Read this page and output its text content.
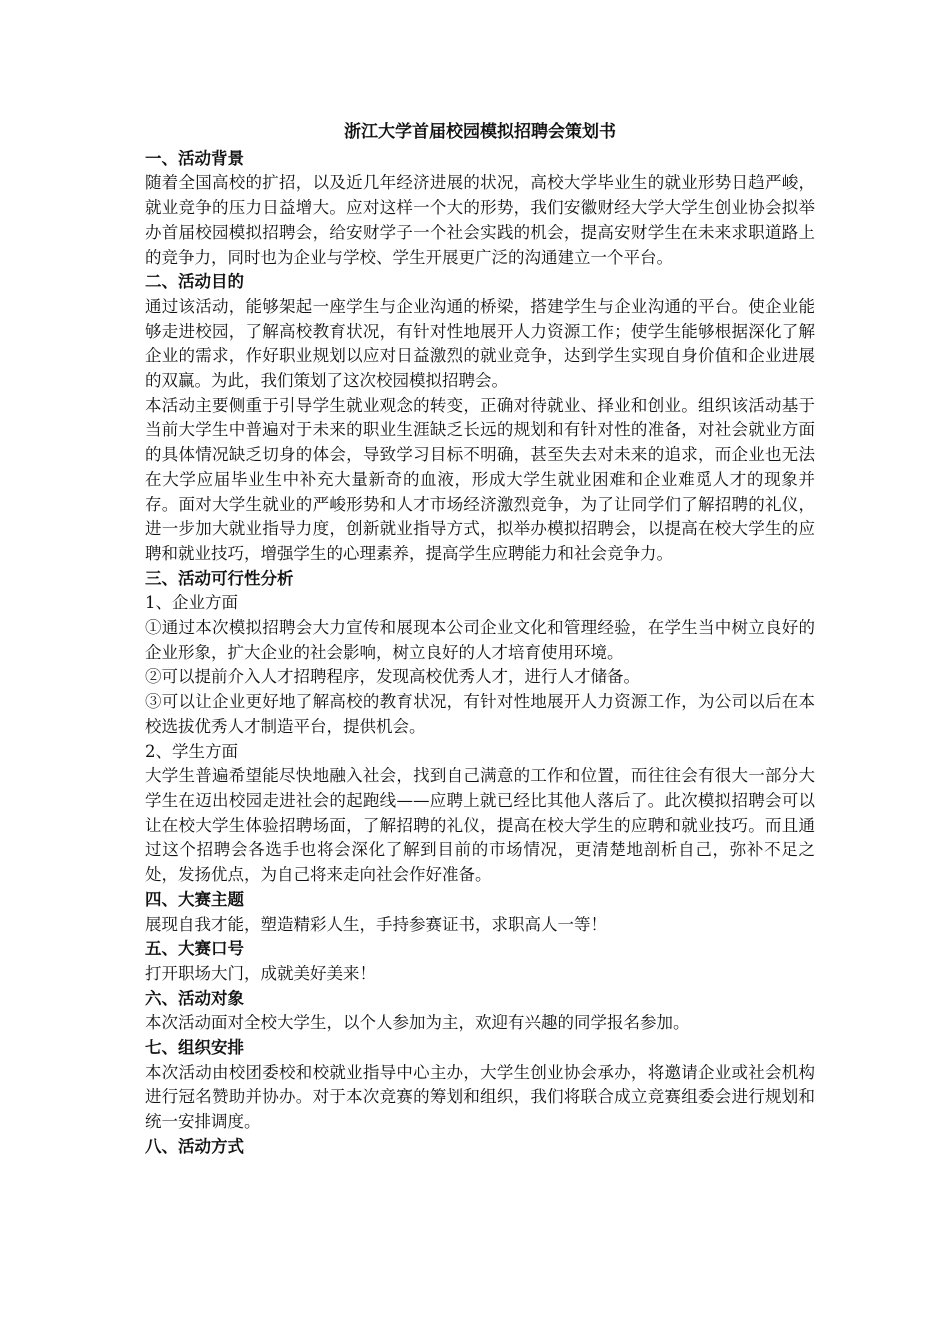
浙江大学首届校园模拟招聘会策划书
一、活动背景
随着全国高校的扩招，以及近几年经济进展的状况，高校大学毕业生的就业形势日趋严峻，就业竞争的压力日益增大。应对这样一个大的形势，我们安徽财经大学大学生创业协会拟举办首届校园模拟招聘会，给安财学子一个社会实践的机会，提高安财学生在未来求职道路上的竞争力，同时也为企业与学校、学生开展更广泛的沟通建立一个平台。
二、活动目的
通过该活动，能够架起一座学生与企业沟通的桥梁，搭建学生与企业沟通的平台。使企业能够走进校园，了解高校教育状况，有针对性地展开人力资源工作；使学生能够根据深化了解企业的需求，作好职业规划以应对日益激烈的就业竞争，达到学生实现自身价值和企业进展的双赢。为此，我们策划了这次校园模拟招聘会。
本活动主要侧重于引导学生就业观念的转变，正确对待就业、择业和创业。组织该活动基于当前大学生中普遍对于未来的职业生涯缺乏长远的规划和有针对性的准备，对社会就业方面的具体情况缺乏切身的体会，导致学习目标不明确，甚至失去对未来的追求，而企业也无法在大学应届毕业生中补充大量新奇的血液，形成大学生就业困难和企业难觅人才的现象并存。面对大学生就业的严峻形势和人才市场经济激烈竞争，为了让同学们了解招聘的礼仪，进一步加大就业指导力度，创新就业指导方式，拟举办模拟招聘会，以提高在校大学生的应聘和就业技巧，增强学生的心理素养，提高学生应聘能力和社会竞争力。
三、活动可行性分析
1、企业方面
①通过本次模拟招聘会大力宣传和展现本公司企业文化和管理经验，在学生当中树立良好的企业形象，扩大企业的社会影响，树立良好的人才培育使用环境。
②可以提前介入人才招聘程序，发现高校优秀人才，进行人才储备。
③可以让企业更好地了解高校的教育状况，有针对性地展开人力资源工作，为公司以后在本校选拔优秀人才制造平台，提供机会。
2、学生方面
大学生普遍希望能尽快地融入社会，找到自己满意的工作和位置，而往往会有很大一部分大学生在迈出校园走进社会的起跑线——应聘上就已经比其他人落后了。此次模拟招聘会可以让在校大学生体验招聘场面，了解招聘的礼仪，提高在校大学生的应聘和就业技巧。而且通过这个招聘会各选手也将会深化了解到目前的市场情况，更清楚地剖析自己，弥补不足之处，发扬优点，为自己将来走向社会作好准备。
四、大赛主题
展现自我才能，塑造精彩人生，手持参赛证书，求职高人一等！
五、大赛口号
打开职场大门，成就美好美来！
六、活动对象
本次活动面对全校大学生，以个人参加为主，欢迎有兴趣的同学报名参加。
七、组织安排
本次活动由校团委校和校就业指导中心主办，大学生创业协会承办，将邀请企业或社会机构进行冠名赞助并协办。对于本次竞赛的筹划和组织，我们将联合成立竞赛组委会进行规划和统一安排调度。
八、活动方式
